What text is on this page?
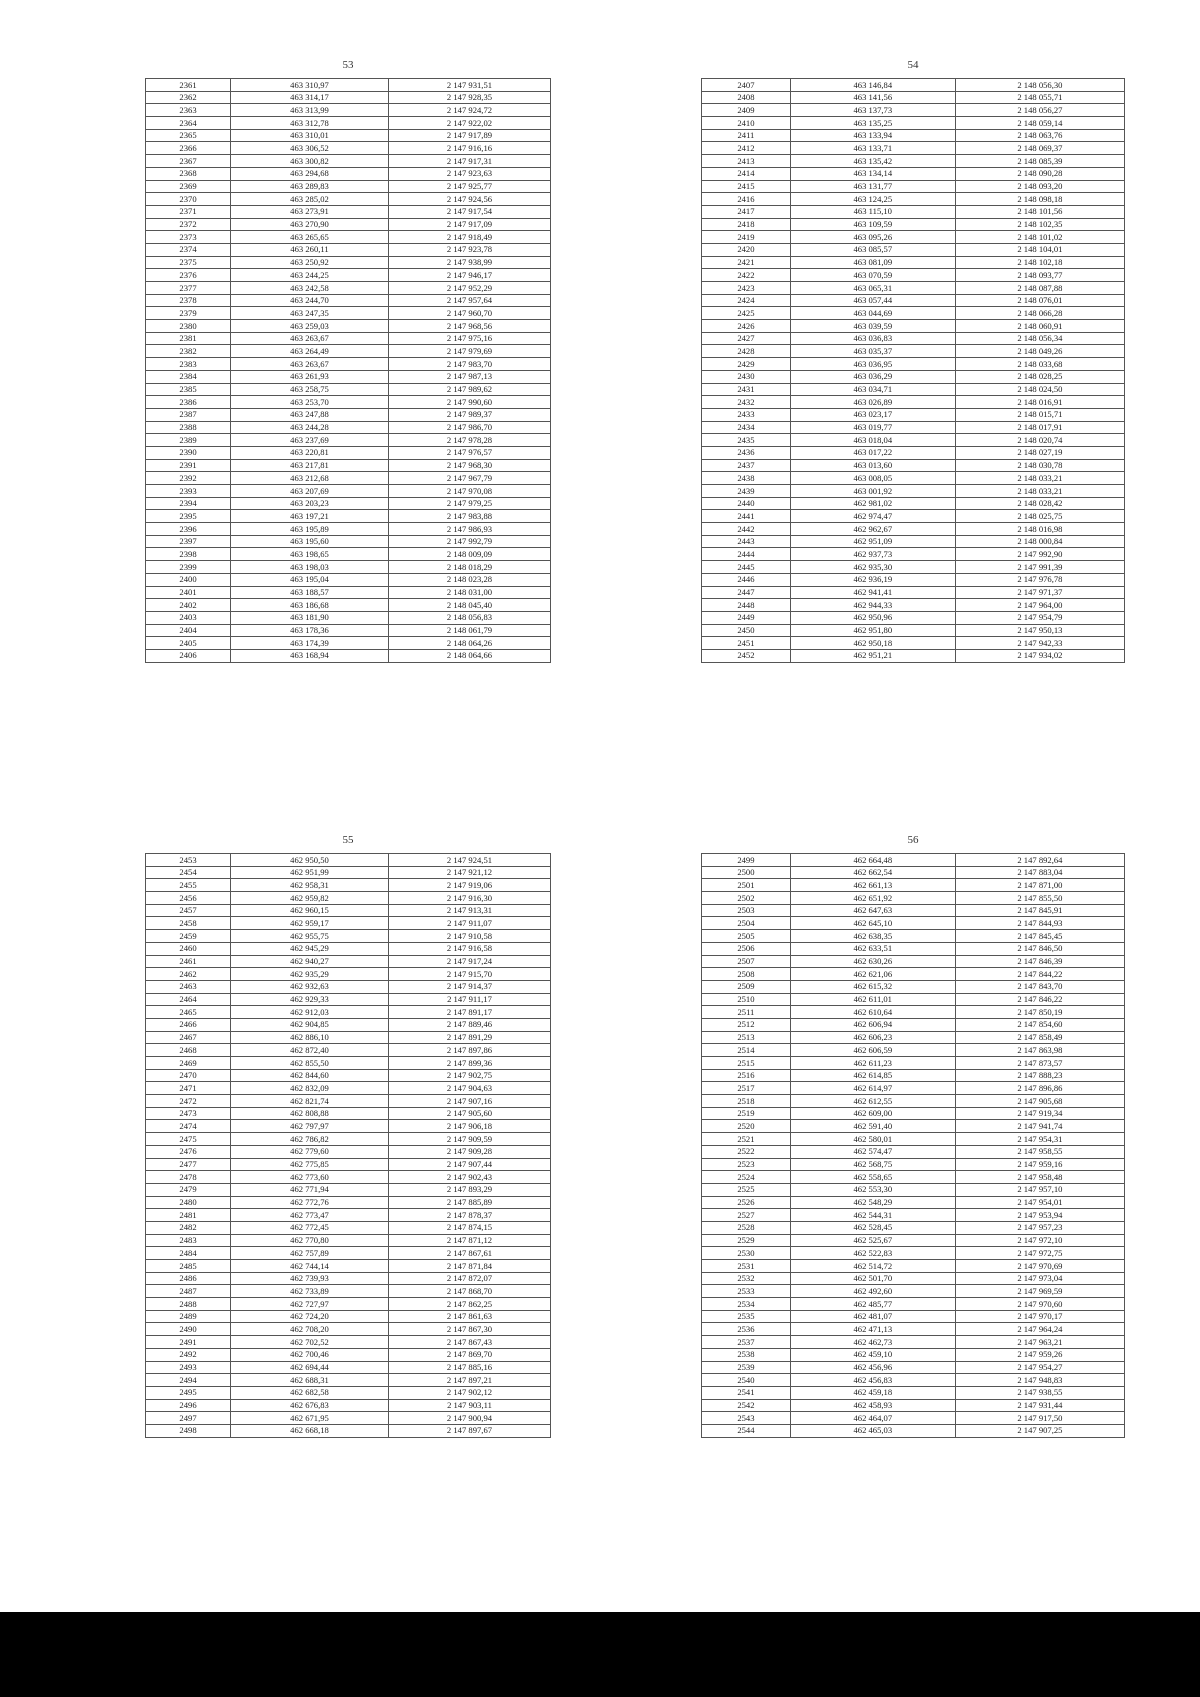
53
2361	463 310,97	2 147 931,51
2362	463 314,17	2 147 928,35
2363	463 313,99	2 147 924,72
2364	463 312,78	2 147 922,02
2365	463 310,01	2 147 917,89
2366	463 306,52	2 147 916,16
2367	463 300,82	2 147 917,31
2368	463 294,68	2 147 923,63
2369	463 289,83	2 147 925,77
2370	463 285,02	2 147 924,56
2371	463 273,91	2 147 917,54
2372	463 270,90	2 147 917,09
2373	463 265,65	2 147 918,49
2374	463 260,11	2 147 923,78
2375	463 250,92	2 147 938,99
2376	463 244,25	2 147 946,17
2377	463 242,58	2 147 952,29
2378	463 244,70	2 147 957,64
2379	463 247,35	2 147 960,70
2380	463 259,03	2 147 968,56
2381	463 263,67	2 147 975,16
2382	463 264,49	2 147 979,69
2383	463 263,67	2 147 983,70
2384	463 261,93	2 147 987,13
2385	463 258,75	2 147 989,62
2386	463 253,70	2 147 990,60
2387	463 247,88	2 147 989,37
2388	463 244,28	2 147 986,70
2389	463 237,69	2 147 978,28
2390	463 220,81	2 147 976,57
2391	463 217,81	2 147 968,30
2392	463 212,68	2 147 967,79
2393	463 207,69	2 147 970,08
2394	463 203,23	2 147 979,25
2395	463 197,21	2 147 983,88
2396	463 195,89	2 147 986,93
2397	463 195,60	2 147 992,79
2398	463 198,65	2 148 009,09
2399	463 198,03	2 148 018,29
2400	463 195,04	2 148 023,28
2401	463 188,57	2 148 031,00
2402	463 186,68	2 148 045,40
2403	463 181,90	2 148 056,83
2404	463 178,36	2 148 061,79
2405	463 174,39	2 148 064,26
2406	463 168,94	2 148 064,66
54
2407	463 146,84	2 148 056,30
2408	463 141,56	2 148 055,71
2409	463 137,73	2 148 056,27
2410	463 135,25	2 148 059,14
2411	463 133,94	2 148 063,76
2412	463 133,71	2 148 069,37
2413	463 135,42	2 148 085,39
2414	463 134,14	2 148 090,28
2415	463 131,77	2 148 093,20
2416	463 124,25	2 148 098,18
2417	463 115,10	2 148 101,56
2418	463 109,59	2 148 102,35
2419	463 095,26	2 148 101,02
2420	463 085,57	2 148 104,01
2421	463 081,09	2 148 102,18
2422	463 070,59	2 148 093,77
2423	463 065,31	2 148 087,88
2424	463 057,44	2 148 076,01
2425	463 044,69	2 148 066,28
2426	463 039,59	2 148 060,91
2427	463 036,83	2 148 056,34
2428	463 035,37	2 148 049,26
2429	463 036,95	2 148 033,68
2430	463 036,29	2 148 028,25
2431	463 034,71	2 148 024,50
2432	463 026,89	2 148 016,91
2433	463 023,17	2 148 015,71
2434	463 019,77	2 148 017,91
2435	463 018,04	2 148 020,74
2436	463 017,22	2 148 027,19
2437	463 013,60	2 148 030,78
2438	463 008,05	2 148 033,21
2439	463 001,92	2 148 033,21
2440	462 981,02	2 148 028,42
2441	462 974,47	2 148 025,75
2442	462 962,67	2 148 016,98
2443	462 951,09	2 148 000,84
2444	462 937,73	2 147 992,90
2445	462 935,30	2 147 991,39
2446	462 936,19	2 147 976,78
2447	462 941,41	2 147 971,37
2448	462 944,33	2 147 964,00
2449	462 950,96	2 147 954,79
2450	462 951,80	2 147 950,13
2451	462 950,18	2 147 942,33
2452	462 951,21	2 147 934,02
55
2453	462 950,50	2 147 924,51
2454	462 951,99	2 147 921,12
2455	462 958,31	2 147 919,06
2456	462 959,82	2 147 916,30
2457	462 960,15	2 147 913,31
2458	462 959,17	2 147 911,07
2459	462 955,75	2 147 910,58
2460	462 945,29	2 147 916,58
2461	462 940,27	2 147 917,24
2462	462 935,29	2 147 915,70
2463	462 932,63	2 147 914,37
2464	462 929,33	2 147 911,17
2465	462 912,03	2 147 891,17
2466	462 904,85	2 147 889,46
2467	462 886,10	2 147 891,29
2468	462 872,40	2 147 897,86
2469	462 855,50	2 147 899,36
2470	462 844,60	2 147 902,75
2471	462 832,09	2 147 904,63
2472	462 821,74	2 147 907,16
2473	462 808,88	2 147 905,60
2474	462 797,97	2 147 906,18
2475	462 786,82	2 147 909,59
2476	462 779,60	2 147 909,28
2477	462 775,85	2 147 907,44
2478	462 773,60	2 147 902,43
2479	462 771,94	2 147 893,29
2480	462 772,76	2 147 885,89
2481	462 773,47	2 147 878,37
2482	462 772,45	2 147 874,15
2483	462 770,80	2 147 871,12
2484	462 757,89	2 147 867,61
2485	462 744,14	2 147 871,84
2486	462 739,93	2 147 872,07
2487	462 733,89	2 147 868,70
2488	462 727,97	2 147 862,25
2489	462 724,20	2 147 861,63
2490	462 708,20	2 147 867,30
2491	462 702,52	2 147 867,43
2492	462 700,46	2 147 869,70
2493	462 694,44	2 147 885,16
2494	462 688,31	2 147 897,21
2495	462 682,58	2 147 902,12
2496	462 676,83	2 147 903,11
2497	462 671,95	2 147 900,94
2498	462 668,18	2 147 897,67
56
2499	462 664,48	2 147 892,64
2500	462 662,54	2 147 883,04
2501	462 661,13	2 147 871,00
2502	462 651,92	2 147 855,50
2503	462 647,63	2 147 845,91
2504	462 645,10	2 147 844,93
2505	462 638,35	2 147 845,45
2506	462 633,51	2 147 846,50
2507	462 630,26	2 147 846,39
2508	462 621,06	2 147 844,22
2509	462 615,32	2 147 843,70
2510	462 611,01	2 147 846,22
2511	462 610,64	2 147 850,19
2512	462 606,94	2 147 854,60
2513	462 606,23	2 147 858,49
2514	462 606,59	2 147 863,98
2515	462 611,23	2 147 873,57
2516	462 614,85	2 147 888,23
2517	462 614,97	2 147 896,86
2518	462 612,55	2 147 905,68
2519	462 609,00	2 147 919,34
2520	462 591,40	2 147 941,74
2521	462 580,01	2 147 954,31
2522	462 574,47	2 147 958,55
2523	462 568,75	2 147 959,16
2524	462 558,65	2 147 958,48
2525	462 553,30	2 147 957,10
2526	462 548,29	2 147 954,01
2527	462 544,31	2 147 953,94
2528	462 528,45	2 147 957,23
2529	462 525,67	2 147 972,10
2530	462 522,83	2 147 972,75
2531	462 514,72	2 147 970,69
2532	462 501,70	2 147 973,04
2533	462 492,60	2 147 969,59
2534	462 485,77	2 147 970,60
2535	462 481,07	2 147 970,17
2536	462 471,13	2 147 964,24
2537	462 462,73	2 147 963,21
2538	462 459,10	2 147 959,26
2539	462 456,96	2 147 954,27
2540	462 456,83	2 147 948,83
2541	462 459,18	2 147 938,55
2542	462 458,93	2 147 931,44
2543	462 464,07	2 147 917,50
2544	462 465,03	2 147 907,25
